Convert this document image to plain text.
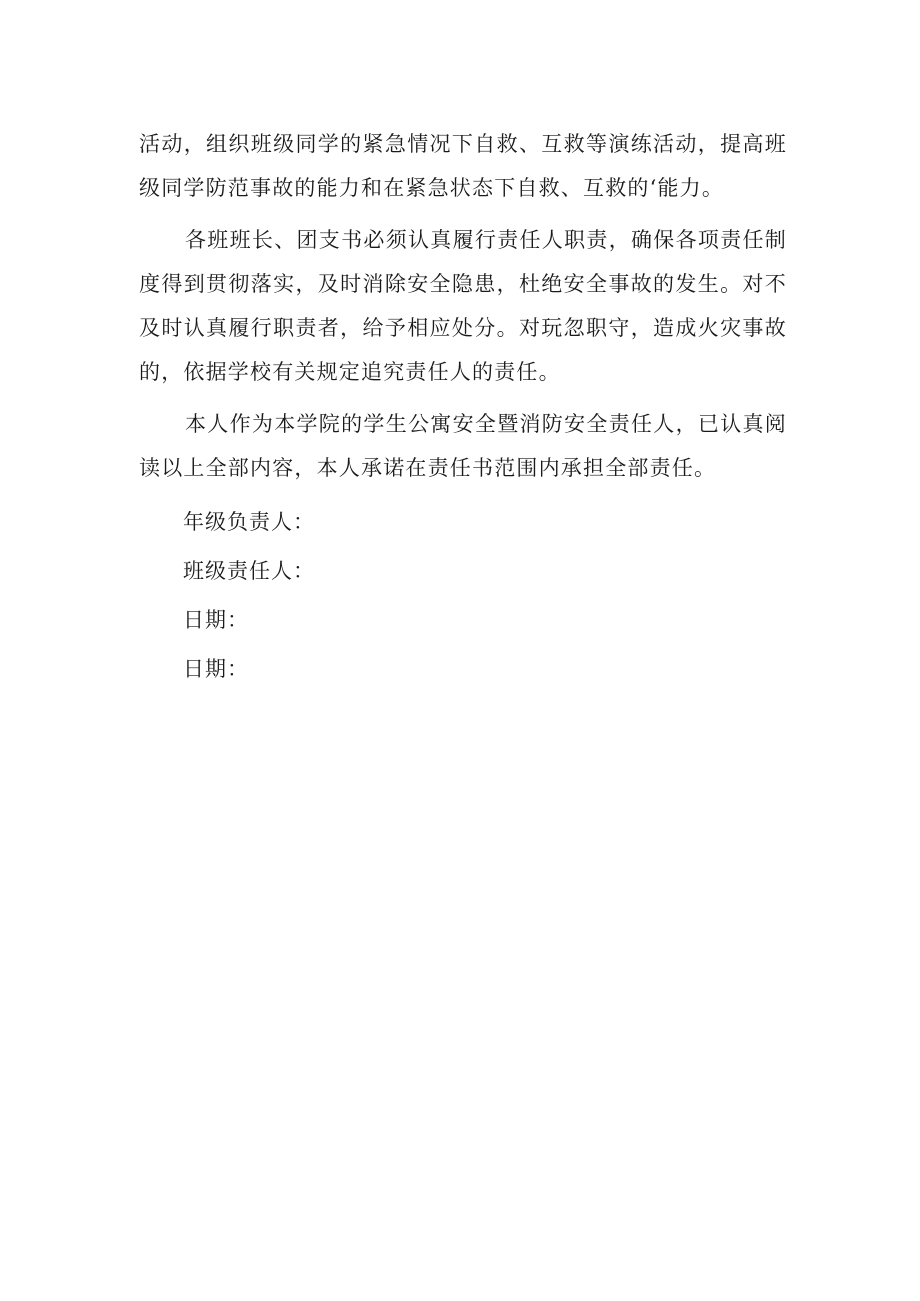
活动，组织班级同学的紧急情况下自救、互救等演练活动，提高班级同学防范事故的能力和在紧急状态下自救、互救的‘能力。

各班班长、团支书必须认真履行责任人职责，确保各项责任制度得到贯彻落实，及时消除安全隐患，杜绝安全事故的发生。对不及时认真履行职责者，给予相应处分。对玩忽职守，造成火灾事故的，依据学校有关规定追究责任人的责任。

本人作为本学院的学生公寓安全暨消防安全责任人，已认真阅读以上全部内容，本人承诺在责任书范围内承担全部责任。

年级负责人：

班级责任人：

日期：

日期：
